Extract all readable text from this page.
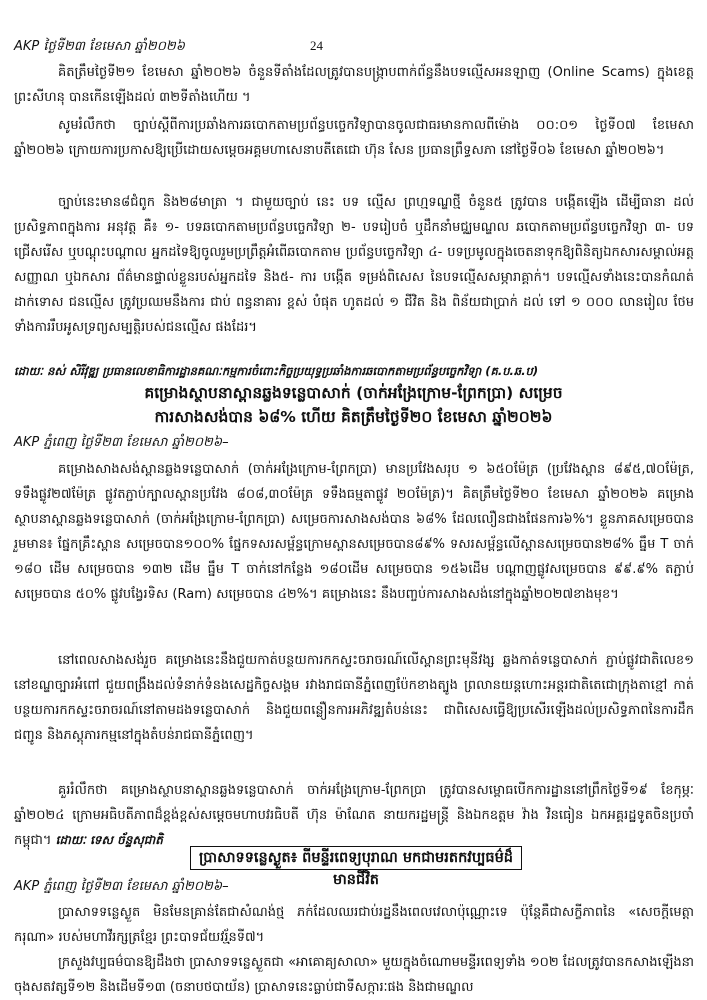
AKP ថ្ងៃទី២៣ ខែមេសា ឆ្នាំ២០២៦	24

គិតត្រឹមថ្ងៃទី២១ ខែមេសា ឆ្នាំ២០២៦ ចំនួនទីតាំងដែលត្រូវបានបង្ក្រាបពាក់ព័ន្ធនឹងបទល្មើសអនឡាញ (Online Scams) ក្នុងខេត្តព្រះសីហនុ បានកើនឡើងដល់ ៣២ទីតាំងហើយ ។

សូមរំលឹកថា ច្បាប់ស្តីពីការប្រឆាំងការឆបោកតាមប្រព័ន្ធបច្ចេកវិទ្យាបានចូលជាធរមានកាលពីម៉ោង ០០:០១ ថ្ងៃទី០៧ ខែមេសា ឆ្នាំ២០២៦ ក្រោយការប្រកាសឱ្យប្រើដោយសម្តេចអគ្គមហាសេនាបតីតេជោ ហ៊ុន សែន ប្រធានព្រឹទ្ធសភា នៅថ្ងៃទី០៦ ខែមេសា ឆ្នាំ២០២៦។

ច្បាប់នេះមាន៨ជំពូក និង២៨មាត្រា ។ ជាមួយច្បាប់ នេះ បទ ល្មើស ព្រហ្មទណ្ឌថ្មី ចំនួន៥ ត្រូវបាន បង្កើតឡើង ដើម្បីធានា ដល់ប្រសិទ្ធភាពក្នុងការ អនុវត្ត គឺ៖ ១- បទឆបោកតាមប្រព័ន្ធបច្ចេកវិទ្យា ២- បទរៀបចំ ឬដឹកនាំមជ្ឈមណ្ឌល ឆបោកតាមប្រព័ន្ធបច្ចេកវិទ្យា ៣- បទជ្រើសរើស ឬបណ្តុះបណ្តាល អ្នកដទៃឱ្យចូលរួមប្រព្រឹត្តអំពើឆបោកតាម ប្រព័ន្ធបច្ចេកវិទ្យា ៤- បទប្រមូលក្នុងចេតនាទុកឱ្យពិនិត្យឯកសារសម្គាល់អត្តសញ្ញាណ ឬឯកសារ ព័ត៌មានផ្ទាល់ខ្លួនរបស់អ្នកដទៃ និង៥- ការ បង្កើត ទម្រង់ពិសេស នៃបទល្មើសសម្ភារាគ្គាក់។ បទល្មើសទាំងនេះបានកំណត់ដាក់ទោស ជនល្មើស ត្រូវប្រឈមនឹងការ ជាប់ ពន្ធនាគារ ខ្ពស់ បំផុត ហូតដល់ ១ ជីវិត និង ពិន័យជាប្រាក់ ដល់ ទៅ ១ ០០០ លានរៀល ថែមទាំងការរឹបអូសទ្រព្យសម្បត្តិរបស់ជនល្មើស ផងដែរ។

ដោយៈ នស់ សិរីវុឌ្ឍ ប្រធានលេខាធិការដ្ឋានគណៈកម្មការចំពោះកិច្ចប្រយុទ្ធប្រឆាំងការឆបោកតាមប្រព័ន្ធបច្ចេកវិទ្យា (គ.ប.ឆ.ប)
គម្រោងស្ថាបនាស្ពានឆ្លងទន្លេបាសាក់ (ចាក់អង្រែក្រោម-ព្រែកប្រា) សម្រេច
ការសាងសង់បាន ៦៨% ហើយ គិតត្រឹមថ្ងៃទី២០ ខែមេសា ឆ្នាំ២០២៦
AKP ភ្នំពេញ ថ្ងៃទី២៣ ខែមេសា ឆ្នាំ២០២៦–

គម្រោងសាងសង់ស្ពានឆ្លងទន្លេបាសាក់ (ចាក់អង្រែក្រោម-ព្រែកប្រា) មានប្រវែងសរុប ១ ៦៥០ម៉ែត្រ (ប្រវែងស្ពាន ៨៩៥,៧០ម៉ែត្រ, ទទឹងផ្លូវ២៧ម៉ែត្រ ផ្លូវតភ្ជាប់ក្បាលស្ពានប្រវែង ៨០៨,៣០ម៉ែត្រ ទទឹងធម្មតាផ្លូវ ២០ម៉ែត្រ)។ គិតត្រឹមថ្ងៃទី២០ ខែមេសា ឆ្នាំ២០២៦ គម្រោងស្ថាបនាស្ពានឆ្លងទន្លេបាសាក់ (ចាក់អង្រែក្រោម-ព្រែកប្រា) សម្រេចការសាងសង់បាន ៦៨% ដែលលឿនជាងផែនការ៦%។ ខ្លួនភាគសម្រេចបានរួមមាន៖ ផ្នែកគ្រឹះស្ពាន សម្រេចបាន១០០% ផ្នែកទសរសម្ព័ន្ធក្រោមស្ពានសម្រេចបាន៨៩% ទសរសម្ព័ន្ធលើស្ពានសម្រេចបាន២៨% ធ្នឹម T ចាក់ ១៨០ ដើម សម្រេចបាន ១៣២ ដើម ធ្នឹម T ចាក់នៅកន្លែង ១៨០ដើម សម្រេចបាន ១៥៦ដើម បណ្តាញផ្លូវសម្រេចបាន ៩៩.៩% តភ្ជាប់ សម្រេចបាន ៥០% ផ្លូវបង្វែរទិស (Ram) សម្រេចបាន ៤២%។ គម្រោងនេះ នឹងបញ្ចប់ការសាងសង់នៅក្នុងឆ្នាំ២០២៧ខាងមុខ។

នៅពេលសាងសង់រួច គម្រោងនេះនឹងជួយកាត់បន្ថយការកកស្ទះចរាចរណ៍លើស្ពានព្រះមុនីវង្ស ឆ្លងកាត់ទន្លេបាសាក់ ភ្ជាប់ផ្លូវជាតិលេខ១ នៅខណ្ឌច្បារអំពៅ ជួយពង្រឹងដល់ទំនាក់ទំនងសេដ្ឋកិច្ចសង្គម រវាងរាជធានីភ្នំពេញប៉ែកខាងត្បូង ព្រលានយន្តហោះអន្តរជាតិតេជោក្រុងតាខ្មៅ កាត់បន្ថយការកកស្ទះចរាចរណ៍នៅតាមដងទន្លេបាសាក់ និងជួយពន្លឿនការអភិវឌ្ឍតំបន់នេះ ជាពិសេសធ្វើឱ្យប្រសើរឡើងដល់ប្រសិទ្ធភាពនៃការដឹកជញ្ជូន និងភស្តុភារកម្មនៅក្នុងតំបន់រាជធានីភ្នំពេញ។

គួររំលឹកថា គម្រោងស្ថាបនាស្ពានឆ្លងទន្លេបាសាក់ ចាក់អង្រែក្រោម-ព្រែកប្រា ត្រូវបានសម្ពោធបើកការដ្ឋាននៅព្រឹកថ្ងៃទី១៩ ខែកុម្ភៈ ឆ្នាំ២០២៤ ក្រោមអធិបតីភាពដ៏ខ្ពង់ខ្ពស់សម្តេចមហាបវរធិបតី ហ៊ុន ម៉ាណែត នាយករដ្ឋមន្ត្រី និងឯកឧត្តម វ៉ាង វិនធៀន ឯកអគ្គរដ្ឋទូតចិនប្រចាំកម្ពុជា។ ដោយៈ ទេស ច័ន្ទសុជាតិ

ប្រាសាទទន្លេស្ងួត៖ ពីមន្ទីរពេទ្យបុរាណ មកជាមរតកវប្បធម៌ដ៏មានជីវិត
AKP ភ្នំពេញ ថ្ងៃទី២៣ ខែមេសា ឆ្នាំ២០២៦–

ប្រាសាទទន្លេស្ងួត មិនមែនគ្រាន់តែជាសំណង់ថ្ម ភក់ដែលឈរជាប់រដ្ឋនឹងពេលវេលាប៉ុណ្ណោះទេ ប៉ុន្តែគឺជាសក្ខីភាពនៃ «សេចក្តីមេត្តាករុណា» របស់មហាវីរក្សត្រខ្មែរ ព្រះបាទជ័យវរ្ម័នទី៧។

ក្រសួងវប្បធម៌បានឱ្យដឹងថា ប្រាសាទទន្លេស្ងួតជា «អាគោគ្យសាលា» មួយក្នុងចំណោមមន្ទីរពេទ្យទាំង ១០២ ដែលត្រូវបានកសាងឡើងនាចុងសតវត្សទី១២ និងដើមទី១៣ (ចនាបថបាយ័ន) ប្រាសាទនេះធ្លាប់ជាទីសក្ការៈផង និងជាមណ្ឌល
